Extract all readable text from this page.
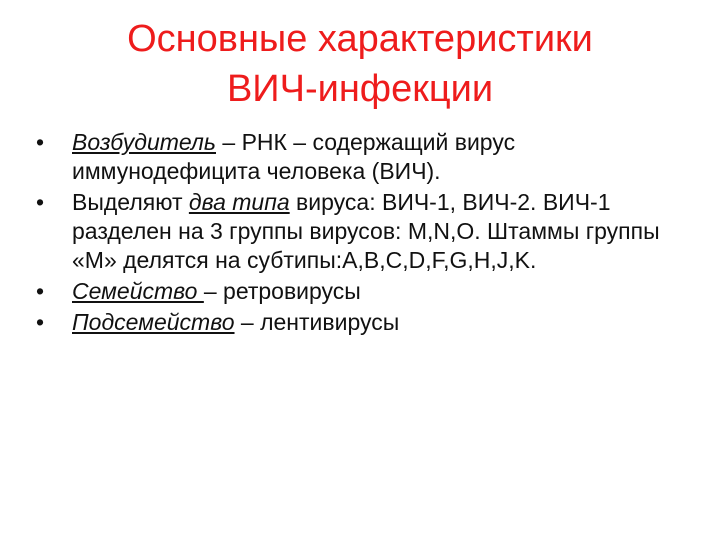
Основные характеристики
ВИЧ-инфекции
• Возбудитель – РНК – содержащий вирус иммунодефицита человека (ВИЧ).
• Выделяют два типа вируса: ВИЧ-1, ВИЧ-2. ВИЧ-1 разделен на 3 группы вирусов: M,N,O. Штаммы группы «М» делятся на субтипы:A,B,C,D,F,G,H,J,K.
• Семейство – ретровирусы
• Подсемейство – лентивирусы
